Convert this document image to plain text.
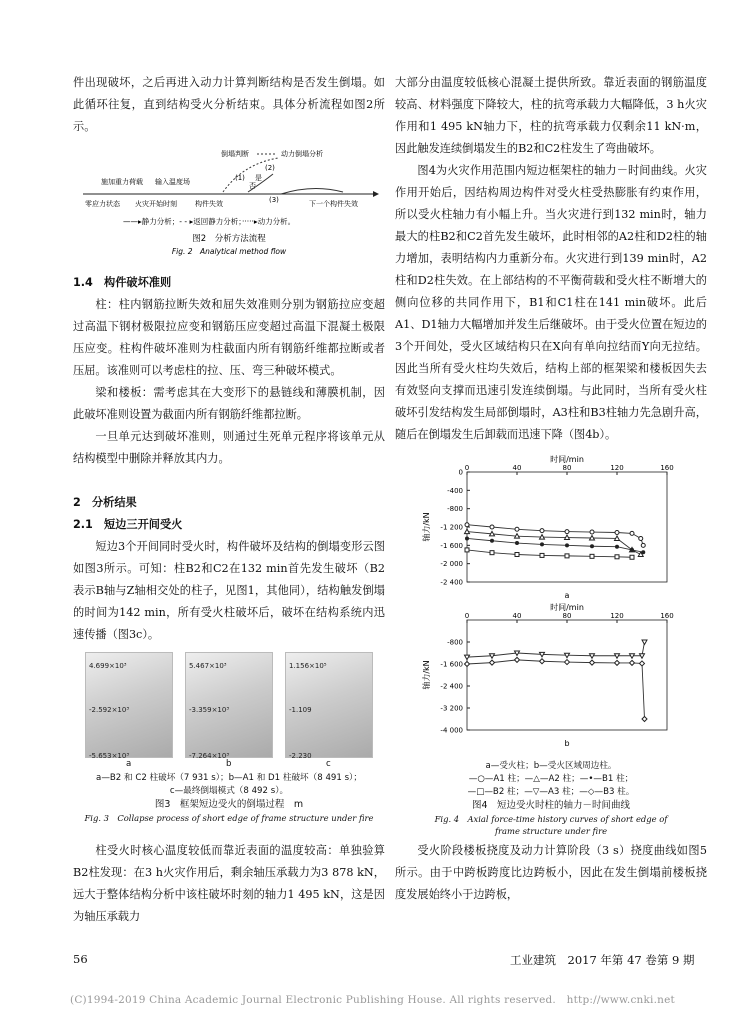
件出现破坏，之后再进入动力计算判断结构是否发生倒塌。如此循环往复，直到结构受火分析结束。具体分析流程如图2所示。

倒塌判断	动力倒塌分析
(2)
是
(1)
否
施加重力荷载 输入温度场
零应力状态 火灾开始时刻	构件失效	下一个构件失效
(3)
——▸静力分析；- - ▸返回静力分析；·····▸动力分析。
图2　分析方法流程
Fig. 2　Analytical method flow

1.4　构件破坏准则

柱：柱内钢筋拉断失效和屈失效准则分别为钢筋拉应变超过高温下钢材极限拉应变和钢筋压应变超过高温下混凝土极限压应变。柱构件破坏准则为柱截面内所有钢筋纤维都拉断或者压屈。该准则可以考虑柱的拉、压、弯三种破坏模式。

梁和楼板：需考虑其在大变形下的悬链线和薄膜机制，因此破坏准则设置为截面内所有钢筋纤维都拉断。

一旦单元达到破坏准则，则通过生死单元程序将该单元从结构模型中删除并释放其内力。

2　分析结果

2.1　短边三开间受火

短边3个开间同时受火时，构件破坏及结构的倒塌变形云图如图3所示。可知：柱B2和C2在132 min首先发生破坏（B2表示B轴与Z轴相交处的柱子，见图1，其他同），结构触发倒塌的时间为142 min，所有受火柱破坏后，破坏在结构系统内迅速传播（图3c）。

4.699×10³
-2.592×10³
-5.653×10³
5.467×10³
-3.359×10³
-7.264×10³
1.156×10⁵
-1.109
-2.230
a	b	c
a—B2 和 C2 柱破坏（7 931 s）；b—A1 和 D1 柱破坏（8 491 s）；
c—最终倒塌模式（8 492 s）。
图3　框架短边受火的倒塌过程　m
Fig. 3　Collapse process of short edge of frame structure under fire

柱受火时核心温度较低而靠近表面的温度较高：单独验算B2柱发现：在3 h火灾作用后，剩余轴压承载力为3 878 kN，远大于整体结构分析中该柱破坏时刻的轴力1 495 kN，这是因为轴压承载力

大部分由温度较低核心混凝土提供所致。靠近表面的钢筋温度较高、材料强度下降较大，柱的抗弯承载力大幅降低，3 h火灾作用和1 495 kN轴力下，柱的抗弯承载力仅剩余11 kN·m，因此触发连续倒塌发生的B2和C2柱发生了弯曲破坏。

图4为火灾作用范围内短边框架柱的轴力－时间曲线。火灾作用开始后，因结构周边构件对受火柱受热膨胀有约束作用，所以受火柱轴力有小幅上升。当火灾进行到132 min时，轴力最大的柱B2和C2首先发生破坏，此时相邻的A2柱和D2柱的轴力增加，表明结构内力重新分布。火灾进行到139 min时，A2柱和D2柱失效。在上部结构的不平衡荷载和受火柱不断增大的侧向位移的共同作用下，B1和C1柱在141 min破坏。此后A1、D1轴力大幅增加并发生后继破坏。由于受火位置在短边的3个开间处，受火区域结构只在X向有单向拉结而Y向无拉结。因此当所有受火柱均失效后，结构上部的框架梁和楼板因失去有效竖向支撑而迅速引发连续倒塌。与此同时，当所有受火柱破坏引发结构发生局部倒塌时，A3柱和B3柱轴力先急剧升高，随后在倒塌发生后卸载而迅速下降（图4b）。

时间/min
0	40	80	120	160
0
-400
-800
-1 200
-1 600
-2 000
-2 400
轴力/kN
a
时间/min
0	40	80	120	160
-800
-1 600
-2 400
-3 200
-4 000
轴力/kN
b
a—受火柱；b—受火区域周边柱。
—○—A1 柱；—△—A2 柱；—•—B1 柱；
—□—B2 柱；—▽—A3 柱；—◇—B3 柱。
图4　短边受火时柱的轴力－时间曲线
Fig. 4　Axial force-time history curves of short edge of
frame structure under fire

受火阶段楼板挠度及动力计算阶段（3 s）挠度曲线如图5所示。由于中跨板跨度比边跨板小，因此在发生倒塌前楼板挠度发展始终小于边跨板，

56	工业建筑　2017 年第 47 卷第 9 期
(C)1994-2019 China Academic Journal Electronic Publishing House. All rights reserved.　http://www.cnki.net
